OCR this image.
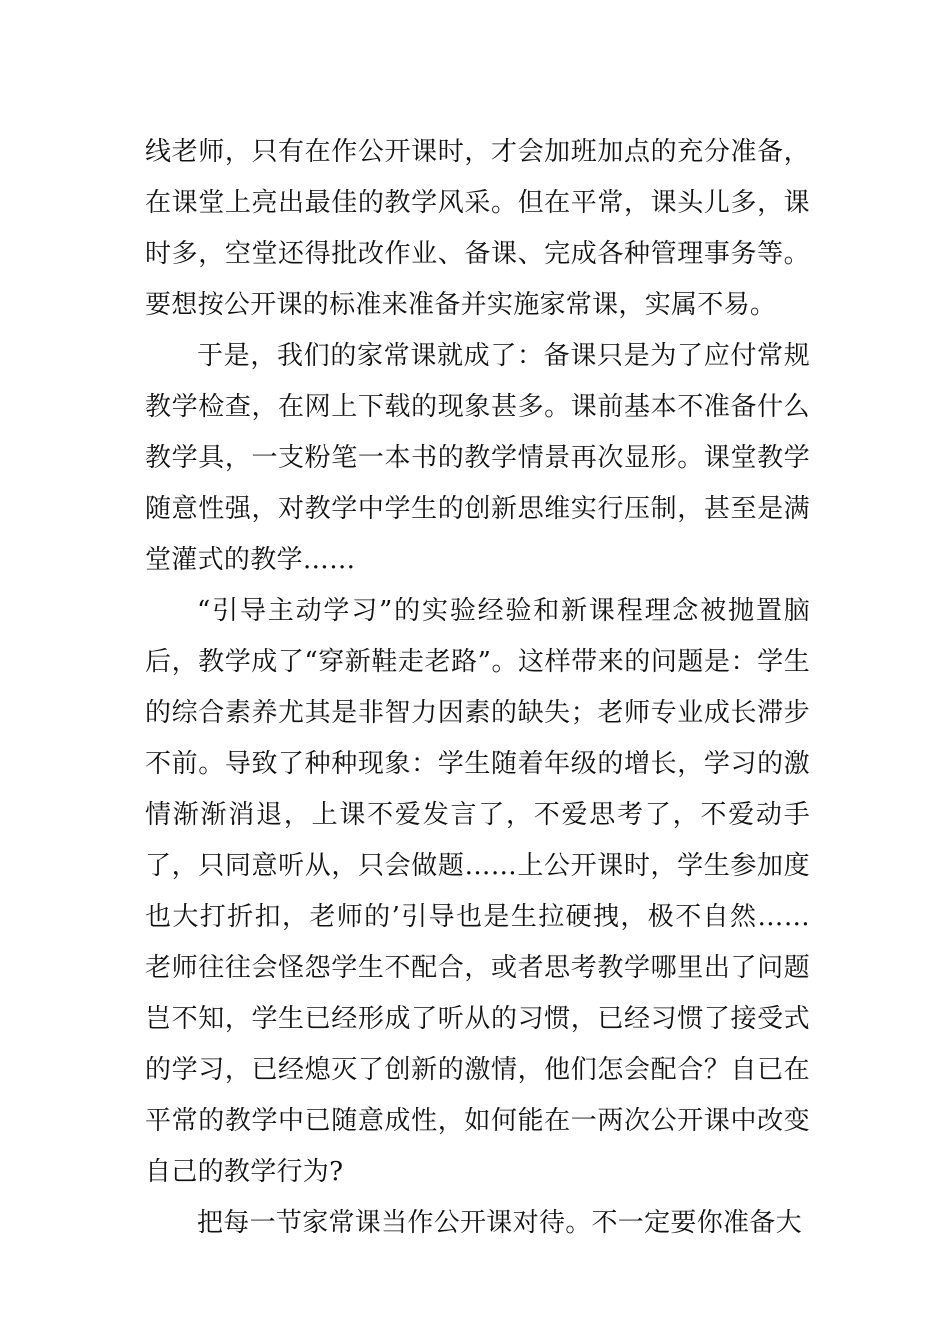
线老师，只有在作公开课时，才会加班加点的充分准备，在课堂上亮出最佳的教学风采。但在平常，课头儿多，课时多，空堂还得批改作业、备课、完成各种管理事务等。要想按公开课的标准来准备并实施家常课，实属不易。

于是，我们的家常课就成了：备课只是为了应付常规教学检查，在网上下载的现象甚多。课前基本不准备什么教学具，一支粉笔一本书的教学情景再次显形。课堂教学随意性强，对教学中学生的创新思维实行压制，甚至是满堂灌式的教学……

“引导主动学习”的实验经验和新课程理念被抛置脑后，教学成了“穿新鞋走老路”。这样带来的问题是：学生的综合素养尤其是非智力因素的缺失；老师专业成长滞步不前。导致了种种现象：学生随着年级的增长，学习的激情渐渐消退，上课不爱发言了，不爱思考了，不爱动手了，只同意听从，只会做题……上公开课时，学生参加度也大打折扣，老师的’引导也是生拉硬拽，极不自然……老师往往会怪怨学生不配合，或者思考教学哪里出了问题岂不知，学生已经形成了听从的习惯，已经习惯了接受式的学习，已经熄灭了创新的激情，他们怎会配合？自已在平常的教学中已随意成性，如何能在一两次公开课中改变自己的教学行为?

把每一节家常课当作公开课对待。不一定要你准备大
